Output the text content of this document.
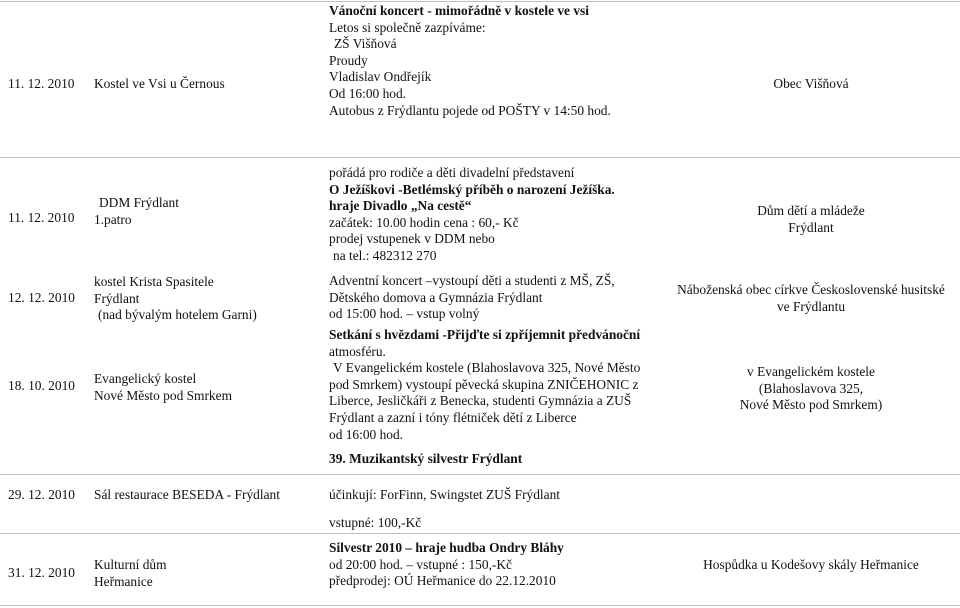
11. 12. 2010 Kostel ve Vsi u Černous
Vánoční koncert - mimořádně v kostele ve vsi
Letos si společně zazpíváme:
ZŠ Višňová
Proudy
Vladislav Ondřejík
Od 16:00 hod.
Autobus z Frýdlantu pojede od POŠTY v 14:50 hod.
Obec Višňová
11. 12. 2010
DDM Frýdlant
1.patro
pořádá pro rodiče a děti divadelní představení
O Ježíškovi -Betlémský příběh o narození Ježíška.
hraje Divadlo „Na cestě“
začátek: 10.00 hodin cena : 60,- Kč
prodej vstupenek v DDM nebo
na tel.: 482312 270
Dům dětí a mládeže
Frýdlant
12. 12. 2010
kostel Krista Spasitele
Frýdlant
(nad bývalým hotelem Garni)
Adventní koncert –vystoupí děti a studenti z MŠ, ZŠ,
Dětského domova a Gymnázia Frýdlant
od 15:00 hod. – vstup volný
Náboženská obec církve Československé husitské
ve Frýdlantu
18. 10. 2010 Evangelický kostel
Nové Město pod Smrkem
Setkání s hvězdami -Přijďte si zpříjemnit předvánoční
atmosféru.
V Evangelickém kostele (Blahoslavova 325, Nové Město
pod Smrkem) vystoupí pěvecká skupina ZNIČEHONIC z
Liberce, Jesličkáři z Benecka, studenti Gymnázia a ZUŠ
Frýdlant a zazní i tóny flétniček dětí z Liberce
od 16:00 hod.
v Evangelickém kostele
(Blahoslavova 325,
Nové Město pod Smrkem)
29. 12. 2010 Sál restaurace BESEDA - Frýdlant
39. Muzikantský silvestr Frýdlant
účinkují: ForFinn, Swingstet ZUŠ Frýdlant
vstupné: 100,-Kč
31. 12. 2010
Kulturní dům
Heřmanice
Silvestr 2010 – hraje hudba Ondry Bláhy
od 20:00 hod. – vstupné : 150,-Kč
předprodej: OÚ Heřmanice do 22.12.2010
Hospůdka u Kodešovy skály Heřmanice
